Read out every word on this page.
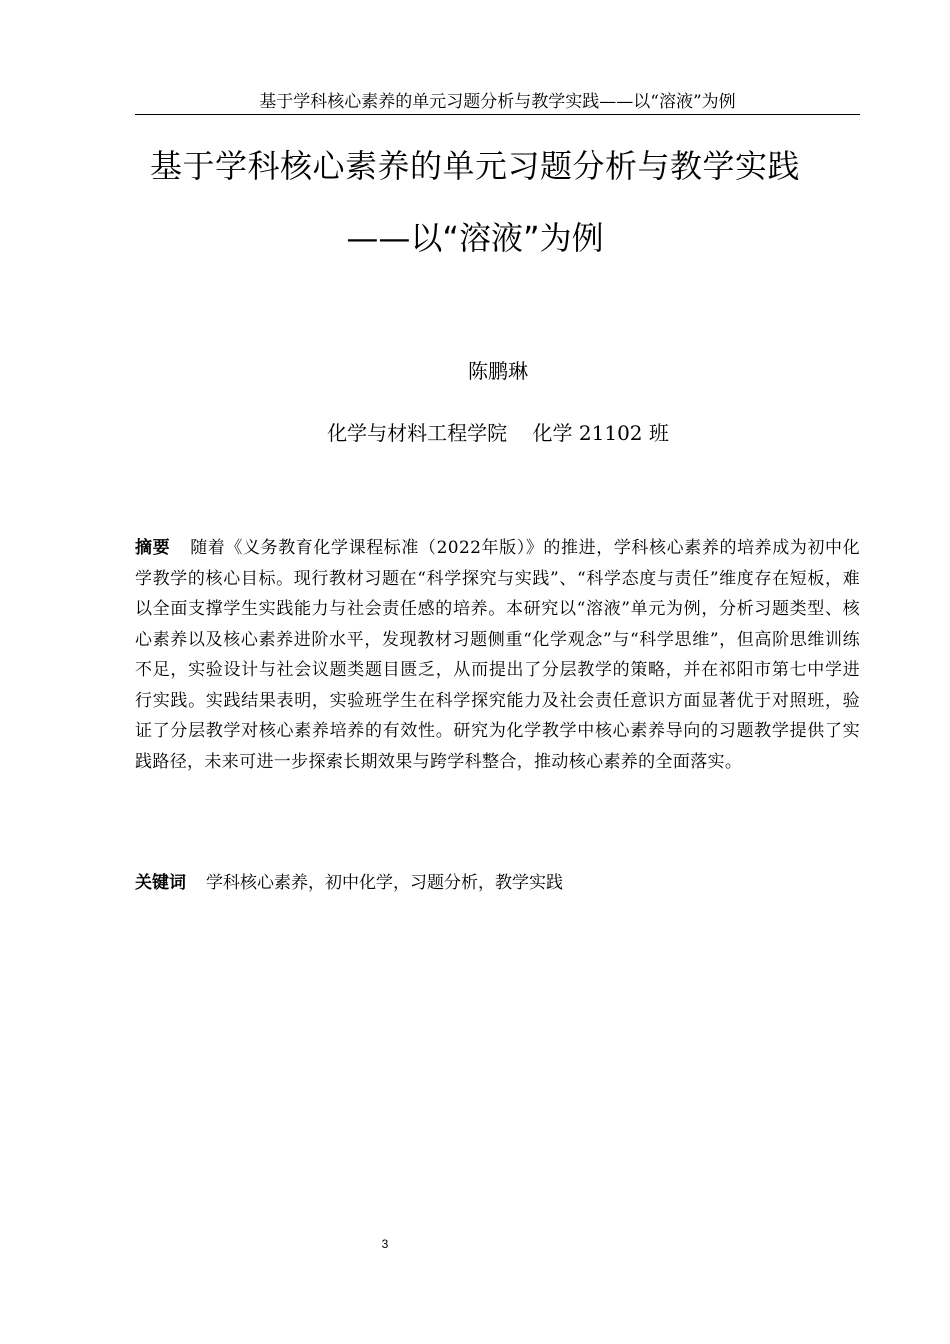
基于学科核心素养的单元习题分析与教学实践——以“溶液”为例
基于学科核心素养的单元习题分析与教学实践
——以“溶液”为例
陈鹏琳
化学与材料工程学院    化学 21102 班
摘要 随着《义务教育化学课程标准（2022年版）》的推进，学科核心素养的培养成为初中化学教学的核心目标。现行教材习题在“科学探究与实践”、“科学态度与责任”维度存在短板，难以全面支撑学生实践能力与社会责任感的培养。本研究以“溶液”单元为例，分析习题类型、核心素养以及核心素养进阶水平，发现教材习题侧重“化学观念”与“科学思维”，但高阶思维训练不足，实验设计与社会议题类题目匮乏，从而提出了分层教学的策略，并在祁阳市第七中学进行实践。实践结果表明，实验班学生在科学探究能力及社会责任意识方面显著优于对照班，验证了分层教学对核心素养培养的有效性。研究为化学教学中核心素养导向的习题教学提供了实践路径，未来可进一步探索长期效果与跨学科整合，推动核心素养的全面落实。
关键词 学科核心素养，初中化学，习题分析，教学实践
3
